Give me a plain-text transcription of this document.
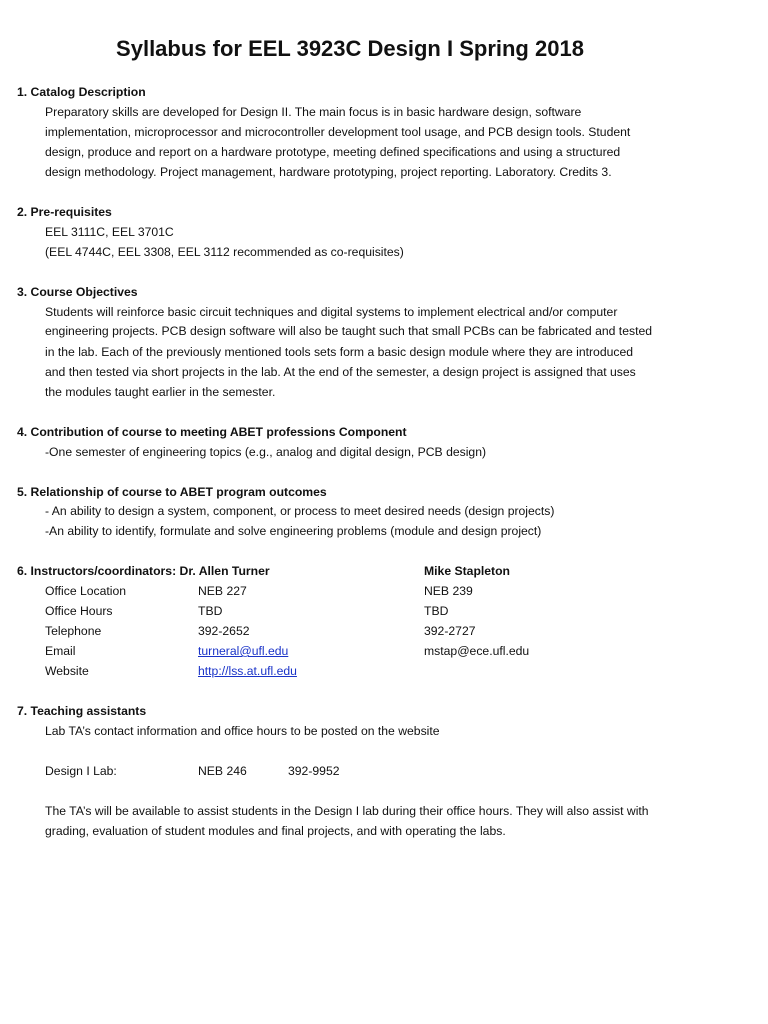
Syllabus for EEL 3923C Design I Spring 2018
1. Catalog Description
Preparatory skills are developed for Design II. The main focus is in basic hardware design, software
implementation, microprocessor and microcontroller development tool usage, and PCB design tools. Student
design, produce and report on a hardware prototype, meeting defined specifications and using a structured
design methodology. Project management, hardware prototyping, project reporting. Laboratory. Credits 3.
2. Pre-requisites
EEL 3111C, EEL 3701C
(EEL 4744C, EEL 3308, EEL 3112 recommended as co-requisites)
3. Course Objectives
Students will reinforce basic circuit techniques and digital systems to implement electrical and/or computer
engineering projects. PCB design software will also be taught such that small PCBs can be fabricated and tested
in the lab. Each of the previously mentioned tools sets form a basic design module where they are introduced
and then tested via short projects in the lab. At the end of the semester, a design project is assigned that uses
the modules taught earlier in the semester.
4. Contribution of course to meeting ABET professions Component
-One semester of engineering topics (e.g., analog and digital design, PCB design)
5. Relationship of course to ABET program outcomes
- An ability to design a system, component, or process to meet desired needs (design projects)
-An ability to identify, formulate and solve engineering problems (module and design project)
6. Instructors/coordinators: Dr. Allen Turner	Mike Stapleton
Office Location	NEB 227	NEB 239
Office Hours	TBD	TBD
Telephone	392-2652	392-2727
Email	turneral@ufl.edu	mstap@ece.ufl.edu
Website	http://lss.at.ufl.edu
7. Teaching assistants
Lab TA’s contact information and office hours to be posted on the website
Design I Lab:	NEB 246	392-9952
The TA’s will be available to assist students in the Design I lab during their office hours. They will also assist with
grading, evaluation of student modules and final projects, and with operating the labs.
